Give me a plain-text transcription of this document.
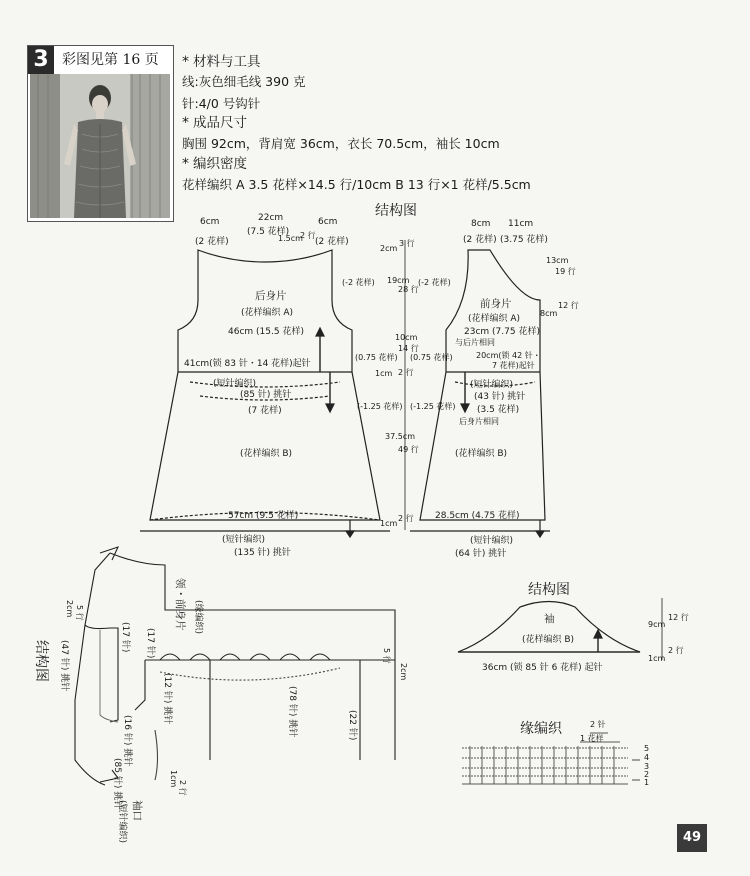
3 彩图见第 16 页 * 材料与工具
线:灰色细毛线 390 克
针:4/0 号钩针
* 成品尺寸
胸围 92cm，背肩宽 36cm，衣长 70.5cm，袖长 10cm
* 编织密度
花样编织 A 3.5 花样×14.5 行/10cm B 13 行×1 花样/5.5cm
结构图
6cm
(2 花样)
22cm
(7.5 花样)
6cm
(2 花样)
1.5cm
2 行
后身片
(花样编织 A)
46cm (15.5 花样)
41cm(锁 83 针・14 花样)起针
(短针编织)
(85 针) 挑针
(7 花样)
(花样编织 B)
57cm (9.5 花样)
(短针编织)
(135 针) 挑针
2cm
3 行
(-2 花样) 19cm
28 行
(-2 花样)
10cm
14 行
(0.75 花样) (0.75 花样)
1cm 2 行
(-1.25 花样) (-1.25 花样)
37.5cm
49 行
1cm
2 行
8cm 11cm
(2 花样) (3.75 花样)
13cm
19 行
8cm
12 行
前身片
(花样编织 A)
23cm (7.75 花样)
与后片相同
20cm(锁 42 针・
7 花样)起针
(短针编织)
(43 针) 挑针
(3.5 花样)
后身片相同
(花样编织 B)
28.5cm (4.75 花样)
(短针编织)
(64 针) 挑针
结构图
领・前身片 (缘编织)
(17 针)	(17 针)
2cm 5 行
(47 针) 挑针
(12 针) 挑针	(78 针) 挑针	(22 针)
2cm
5 行
(16 针) 挑针
(85 针) 挑针
袖口
(短针编织)
1cm
2 行
结构图
袖
(花样编织 B)
36cm (锁 85 针 6 花样) 起针
9cm
12 行
1cm
2 行
缘编织	2 针
1 花样
5
4
3
2
1
49
